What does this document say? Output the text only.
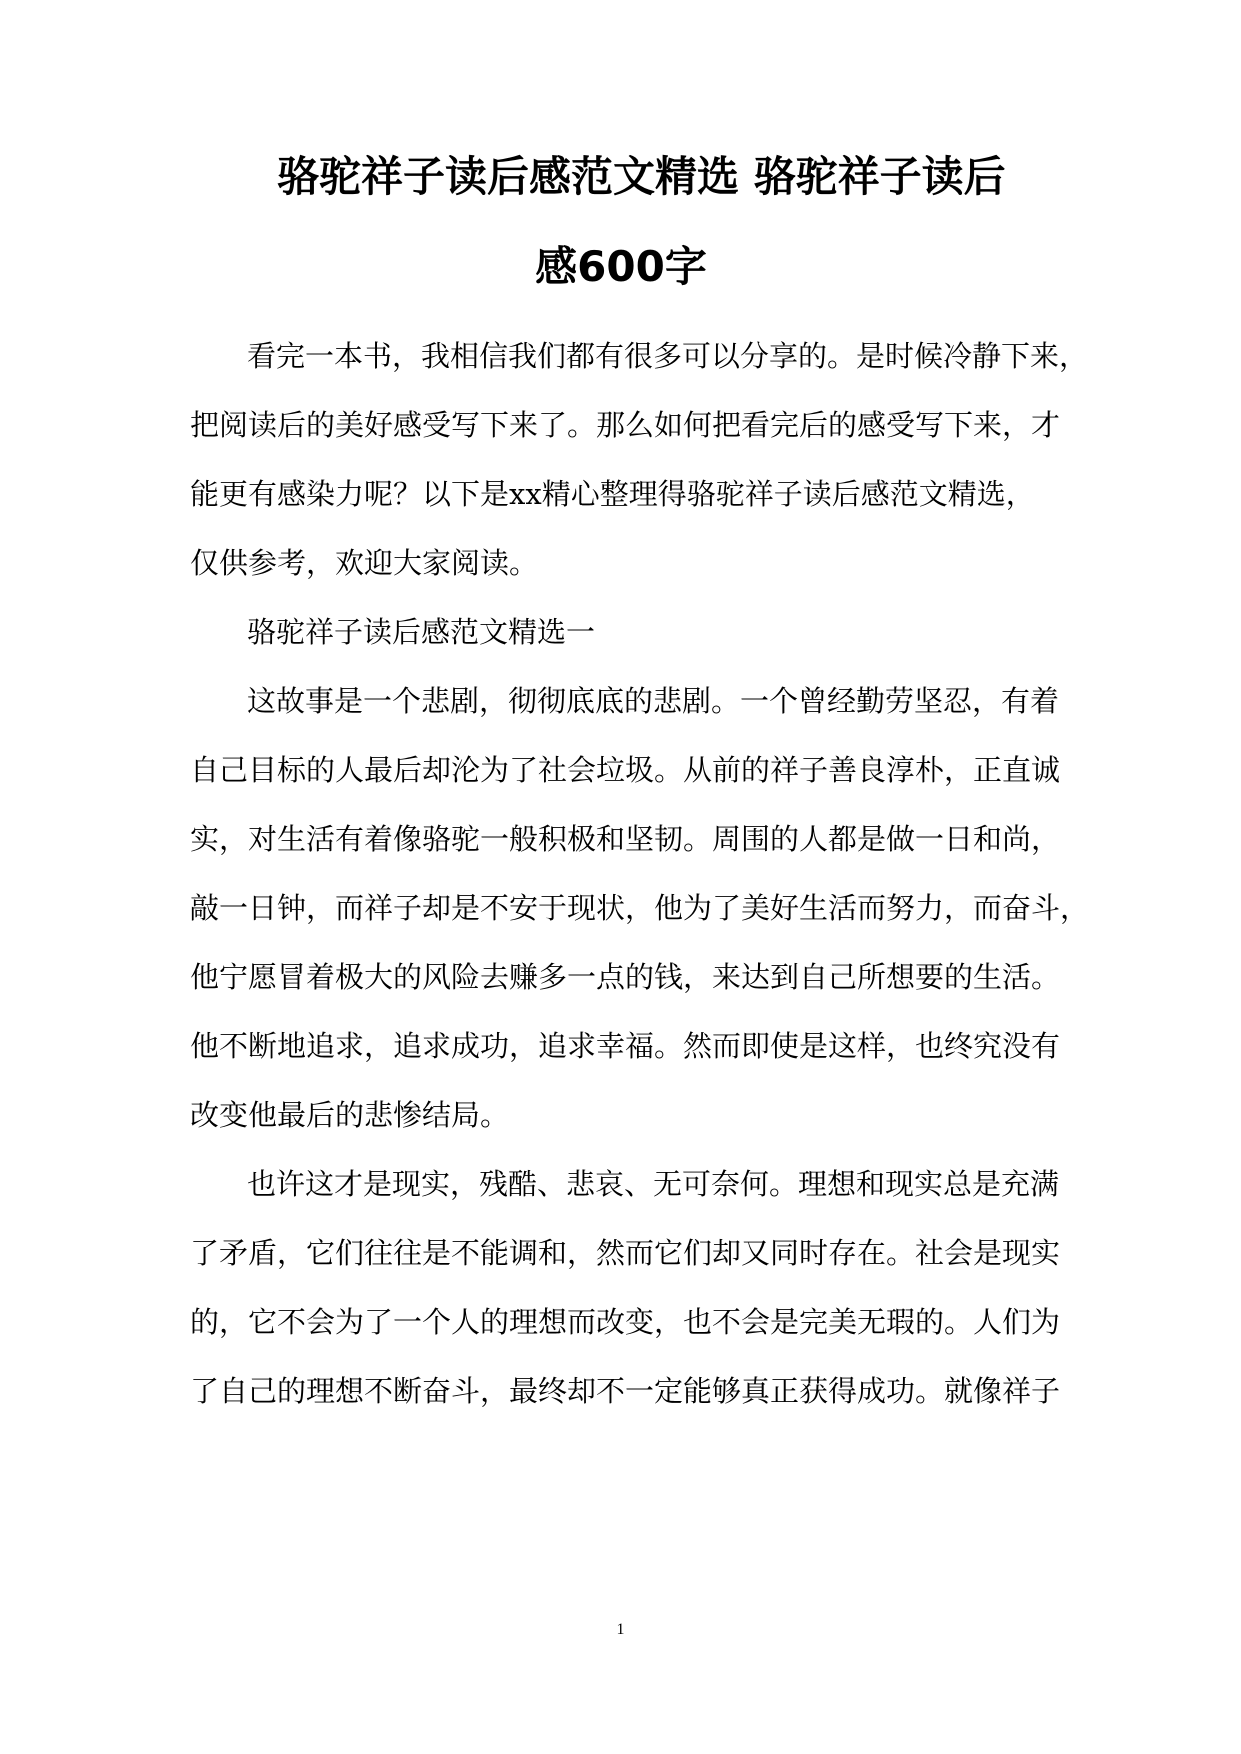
骆驼祥子读后感范文精选 骆驼祥子读后
感600字
看完一本书，我相信我们都有很多可以分享的。是时候冷静下来，
把阅读后的美好感受写下来了。那么如何把看完后的感受写下来，才
能更有感染力呢？以下是xx精心整理得骆驼祥子读后感范文精选，
仅供参考，欢迎大家阅读。
骆驼祥子读后感范文精选一
这故事是一个悲剧，彻彻底底的悲剧。一个曾经勤劳坚忍，有着
自己目标的人最后却沦为了社会垃圾。从前的祥子善良淳朴，正直诚
实，对生活有着像骆驼一般积极和坚韧。周围的人都是做一日和尚，
敲一日钟，而祥子却是不安于现状，他为了美好生活而努力，而奋斗，
他宁愿冒着极大的风险去赚多一点的钱，来达到自己所想要的生活。
他不断地追求，追求成功，追求幸福。然而即使是这样，也终究没有
改变他最后的悲惨结局。
也许这才是现实，残酷、悲哀、无可奈何。理想和现实总是充满
了矛盾，它们往往是不能调和，然而它们却又同时存在。社会是现实
的，它不会为了一个人的理想而改变，也不会是完美无瑕的。人们为
了自己的理想不断奋斗，最终却不一定能够真正获得成功。就像祥子
1
